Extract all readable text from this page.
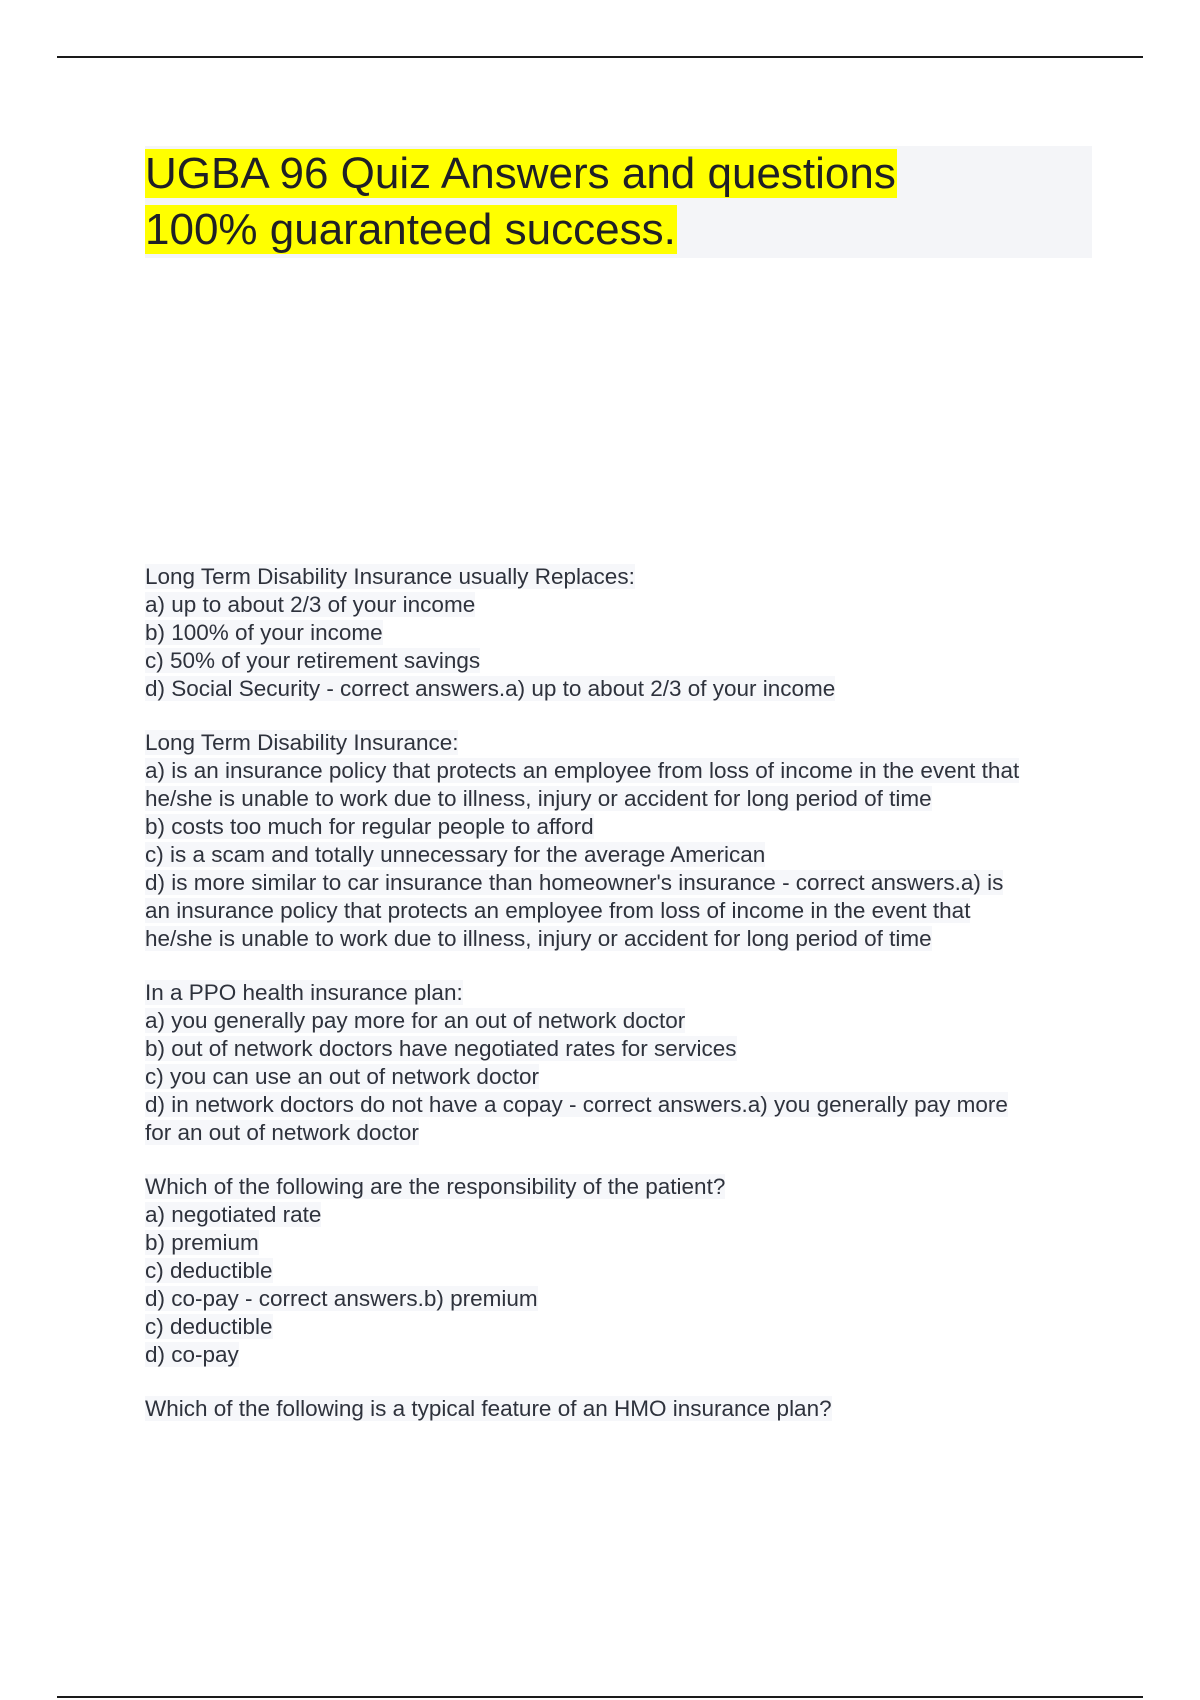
UGBA 96 Quiz Answers and questions
100% guaranteed success.
Long Term Disability Insurance usually Replaces:
a) up to about 2/3 of your income
b) 100% of your income
c) 50% of your retirement savings
d) Social Security - correct answers.a) up to about 2/3 of your income
Long Term Disability Insurance:
a) is an insurance policy that protects an employee from loss of income in the event that
he/she is unable to work due to illness, injury or accident for long period of time
b) costs too much for regular people to afford
c) is a scam and totally unnecessary for the average American
d) is more similar to car insurance than homeowner's insurance - correct answers.a) is
an insurance policy that protects an employee from loss of income in the event that
he/she is unable to work due to illness, injury or accident for long period of time
In a PPO health insurance plan:
a) you generally pay more for an out of network doctor
b) out of network doctors have negotiated rates for services
c) you can use an out of network doctor
d) in network doctors do not have a copay - correct answers.a) you generally pay more
for an out of network doctor
Which of the following are the responsibility of the patient?
a) negotiated rate
b) premium
c) deductible
d) co-pay - correct answers.b) premium
c) deductible
d) co-pay
Which of the following is a typical feature of an HMO insurance plan?
